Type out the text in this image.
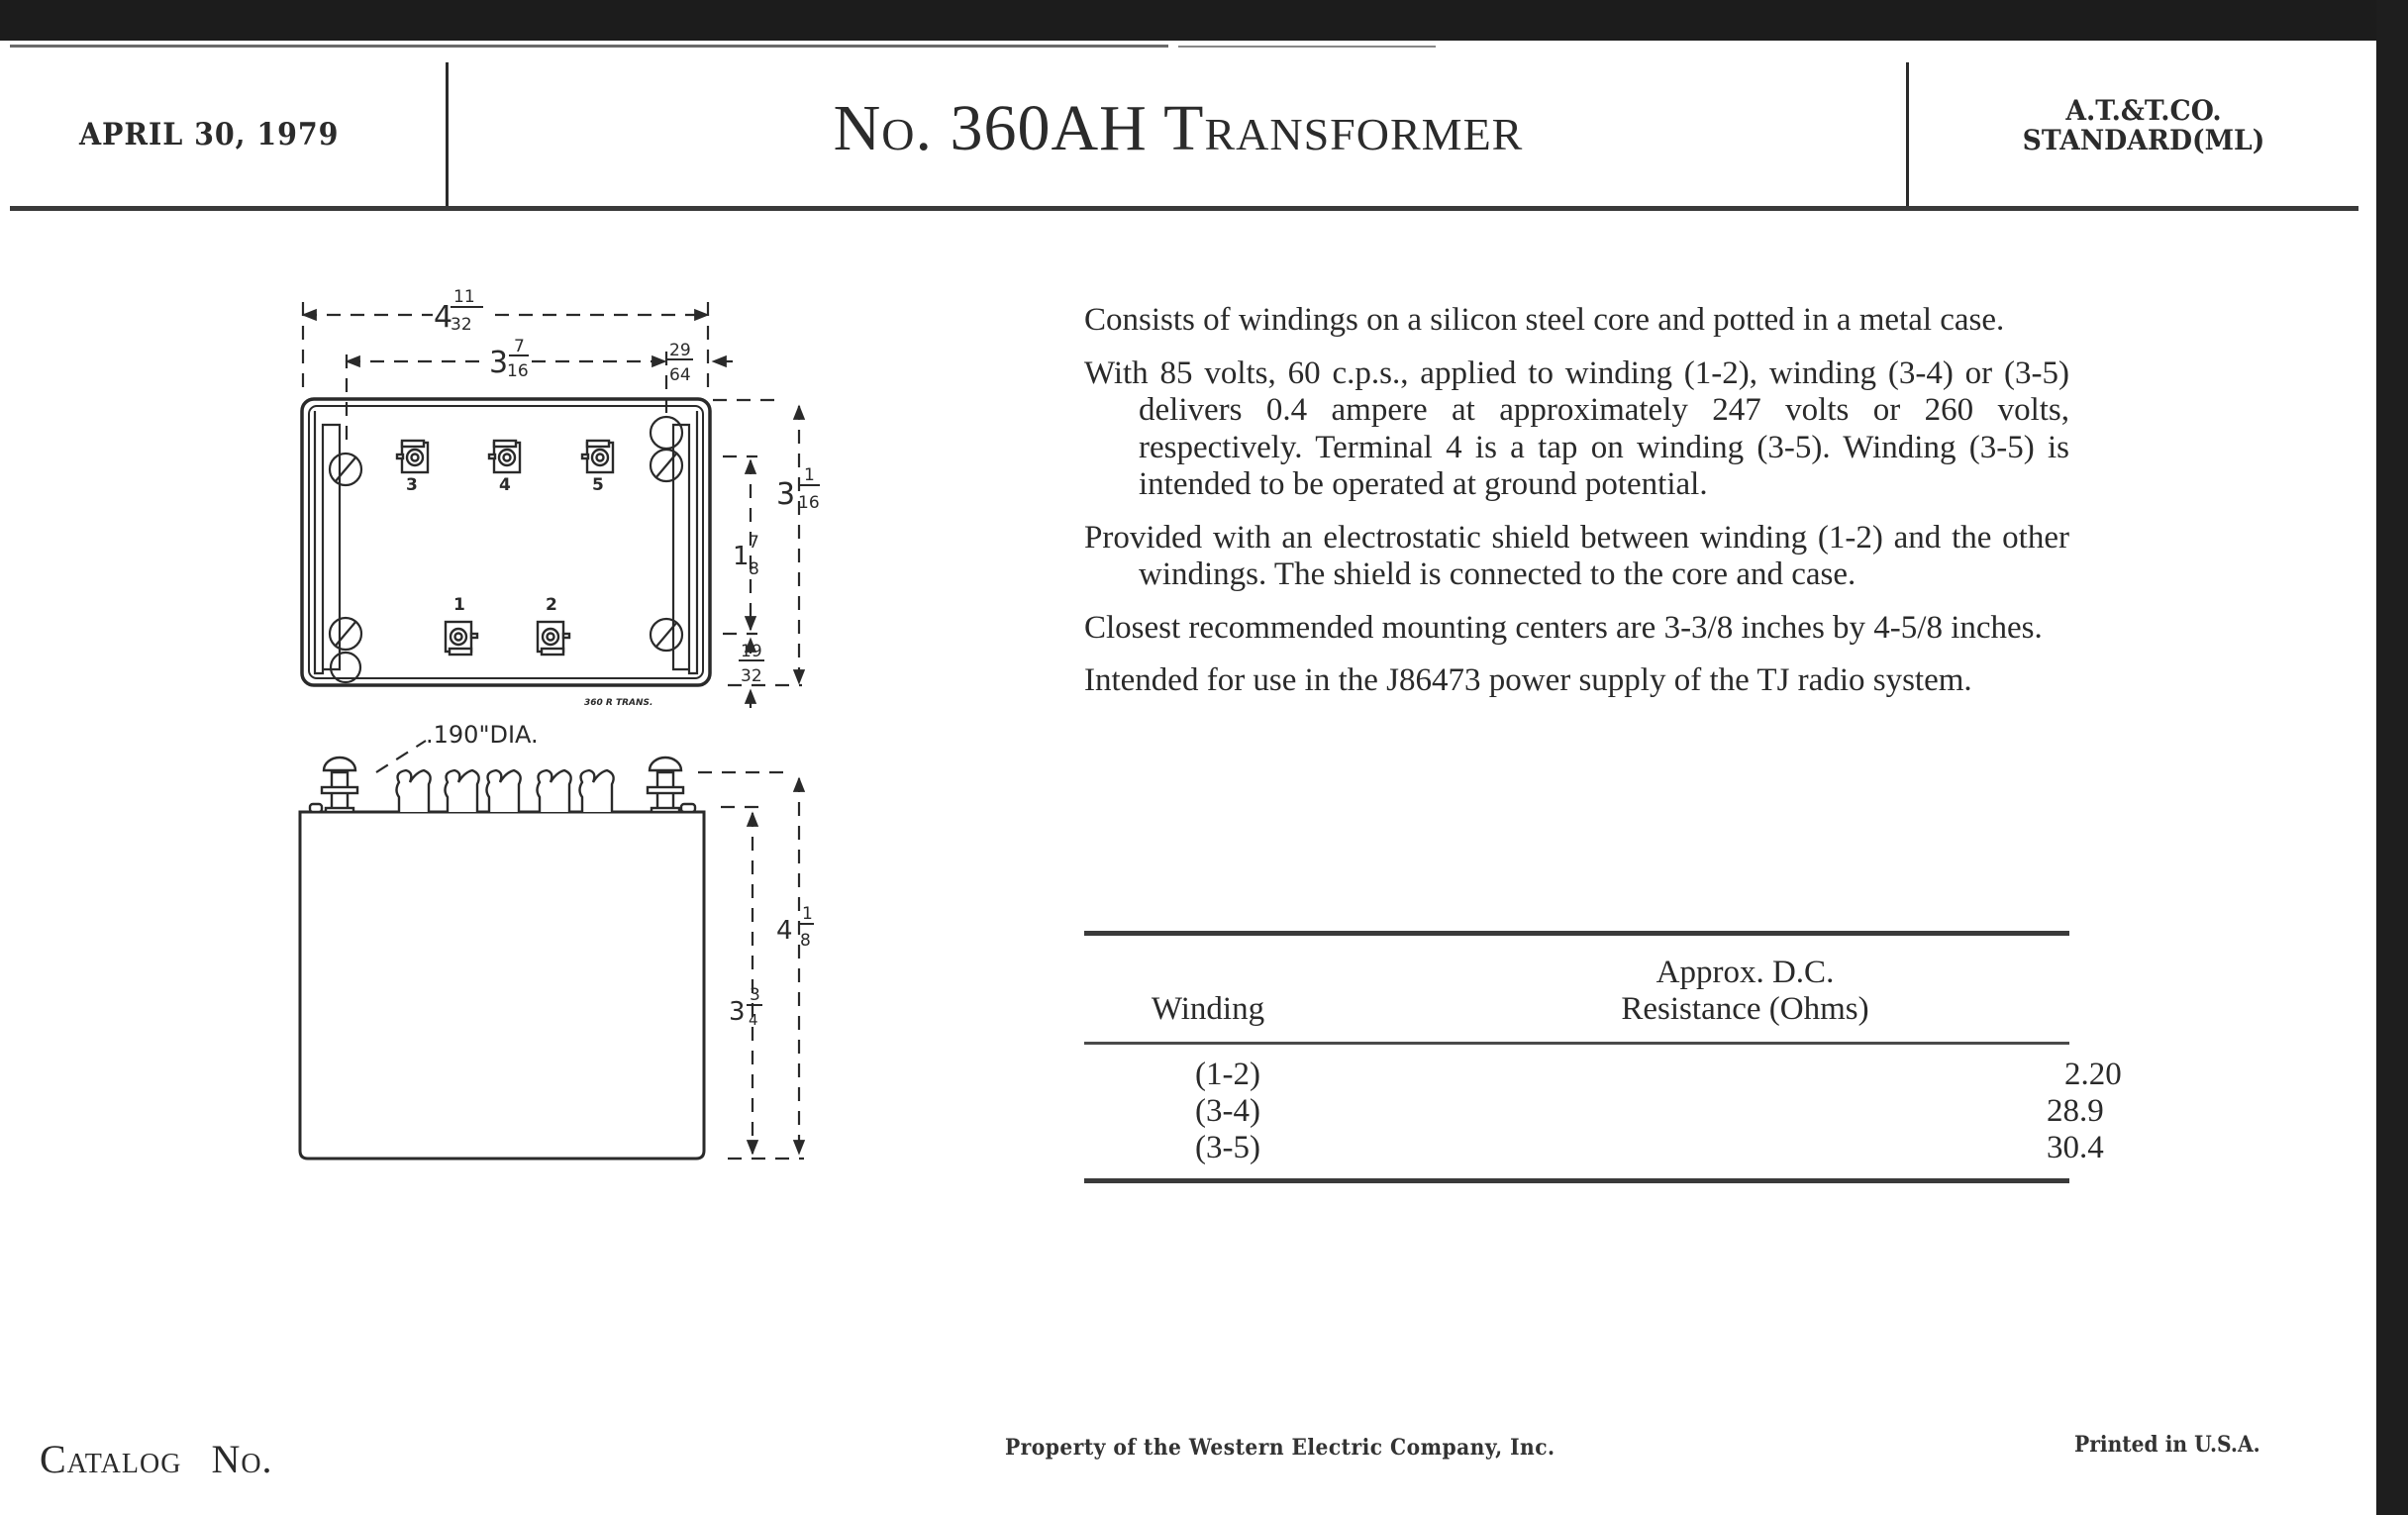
APRIL 30, 1979	No. 360AH Transformer	A.T.&T.CO.
STANDARD(ML)
4
11
32
3 7
16
29
64
3
1
16
1 7
8
19
32
3	4	5
1	2
360 R TRANS.
.190"DIA.
4
1
8
3
3
4

Consists of windings on a silicon steel core and potted in a metal case.

With 85 volts, 60 c.p.s., applied to winding (1-2), winding (3-4) or (3-5) delivers 0.4 ampere at approximately 247 volts or 260 volts, respectively. Terminal 4 is a tap on winding (3-5). Winding (3-5) is intended to be operated at ground potential.

Provided with an electrostatic shield between winding (1-2) and the other windings. The shield is connected to the core and case.

Closest recommended mounting centers are 3-3/8 inches by 4-5/8 inches.

Intended for use in the J86473 power supply of the TJ radio system.

Winding
Approx. D.C.
Resistance (Ohms)
(1-2)	2.20
(3-4)	28.9
(3-5)	30.4
Catalog No.	Property of the Western Electric Company, Inc.	Printed in U.S.A.
